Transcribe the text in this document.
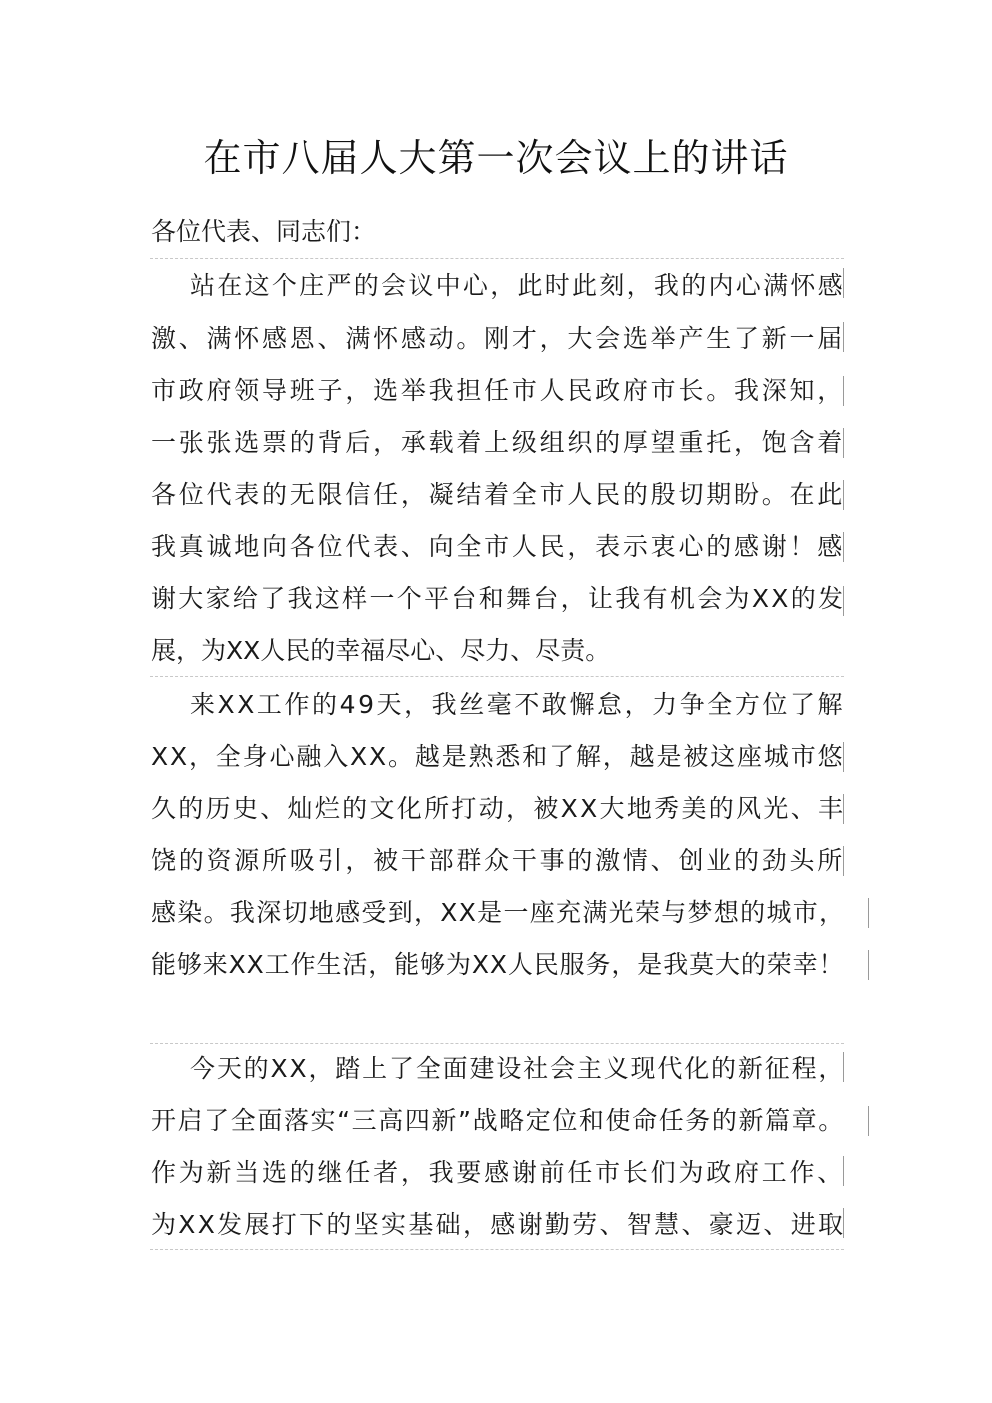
在市八届人大第一次会议上的讲话
各位代表、同志们：
站在这个庄严的会议中心，此时此刻，我的内心满怀感
激、满怀感恩、满怀感动。刚才，大会选举产生了新一届
市政府领导班子，选举我担任市人民政府市长。我深知，
一张张选票的背后，承载着上级组织的厚望重托，饱含着
各位代表的无限信任，凝结着全市人民的殷切期盼。在此
我真诚地向各位代表、向全市人民，表示衷心的感谢！感
谢大家给了我这样一个平台和舞台，让我有机会为XX的发
展，为XX人民的幸福尽心、尽力、尽责。
来XX工作的49天，我丝毫不敢懈怠，力争全方位了解
XX，全身心融入XX。越是熟悉和了解，越是被这座城市悠
久的历史、灿烂的文化所打动，被XX大地秀美的风光、丰
饶的资源所吸引，被干部群众干事的激情、创业的劲头所
感染。我深切地感受到，XX是一座充满光荣与梦想的城市，
能够来XX工作生活，能够为XX人民服务，是我莫大的荣幸！
今天的XX，踏上了全面建设社会主义现代化的新征程，
开启了全面落实“三高四新”战略定位和使命任务的新篇章。
作为新当选的继任者，我要感谢前任市长们为政府工作、
为XX发展打下的坚实基础，感谢勤劳、智慧、豪迈、进取
